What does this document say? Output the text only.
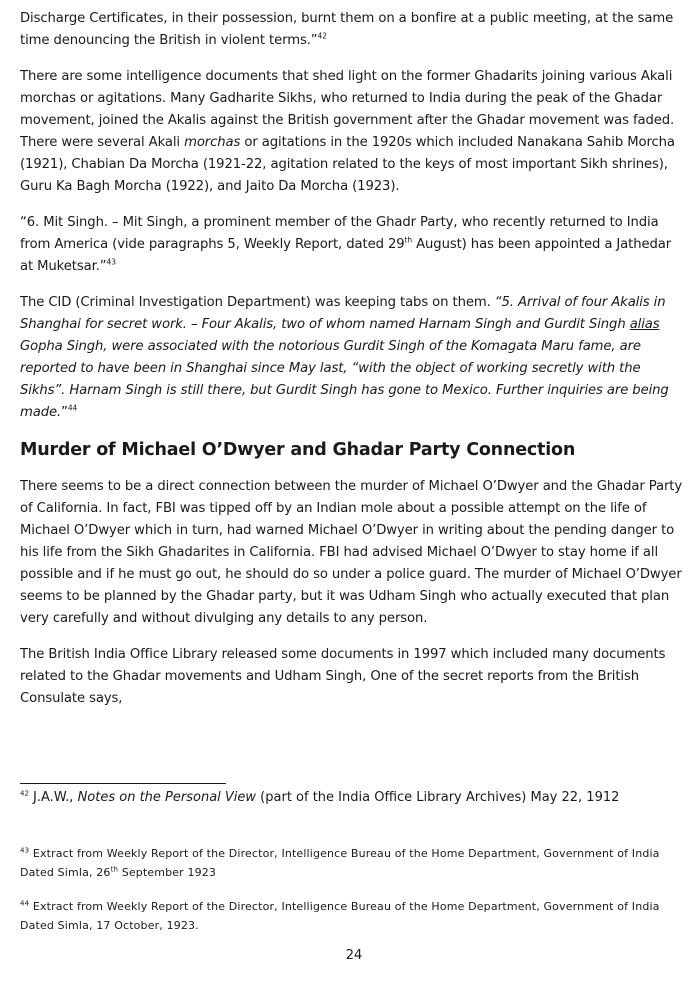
Discharge Certificates, in their possession, burnt them on a bonfire at a public meeting, at the same time denouncing the British in violent terms.”$^{42}$

There are some intelligence documents that shed light on the former Ghadarits joining various Akali morchas or agitations. Many Gadharite Sikhs, who returned to India during the peak of the Ghadar movement, joined the Akalis against the British government after the Ghadar movement was faded. There were several Akali morchas or agitations in the 1920s which included Nanakana Sahib Morcha (1921), Chabian Da Morcha (1921-22, agitation related to the keys of most important Sikh shrines), Guru Ka Bagh Morcha (1922), and Jaito Da Morcha (1923).

“6. Mit Singh. – Mit Singh, a prominent member of the Ghadr Party, who recently returned to India from America (vide paragraphs 5, Weekly Report, dated 29th August) has been appointed a Jathedar at Muketsar.”$^{43}$

The CID (Criminal Investigation Department) was keeping tabs on them. “5. Arrival of four Akalis in Shanghai for secret work. – Four Akalis, two of whom named Harnam Singh and Gurdit Singh alias Gopha Singh, were associated with the notorious Gurdit Singh of the Komagata Maru fame, are reported to have been in Shanghai since May last, “with the object of working secretly with the Sikhs”. Harnam Singh is still there, but Gurdit Singh has gone to Mexico. Further inquiries are being made.”$^{44}$

Murder of Michael O’Dwyer and Ghadar Party Connection

There seems to be a direct connection between the murder of Michael O’Dwyer and the Ghadar Party of California. In fact, FBI was tipped off by an Indian mole about a possible attempt on the life of Michael O’Dwyer which in turn, had warned Michael O’Dwyer in writing about the pending danger to his life from the Sikh Ghadarites in California. FBI had advised Michael O’Dwyer to stay home if all possible and if he must go out, he should do so under a police guard. The murder of Michael O’Dwyer seems to be planned by the Ghadar party, but it was Udham Singh who actually executed that plan very carefully and without divulging any details to any person.

The British India Office Library released some documents in 1997 which included many documents related to the Ghadar movements and Udham Singh, One of the secret reports from the British Consulate says,

$^{42}$ J.A.W., Notes on the Personal View (part of the India Office Library Archives) May 22, 1912

$^{43}$ Extract from Weekly Report of the Director, Intelligence Bureau of the Home Department, Government of India Dated Simla, 26th September 1923

$^{44}$ Extract from Weekly Report of the Director, Intelligence Bureau of the Home Department, Government of India Dated Simla, 17 October, 1923.

24
